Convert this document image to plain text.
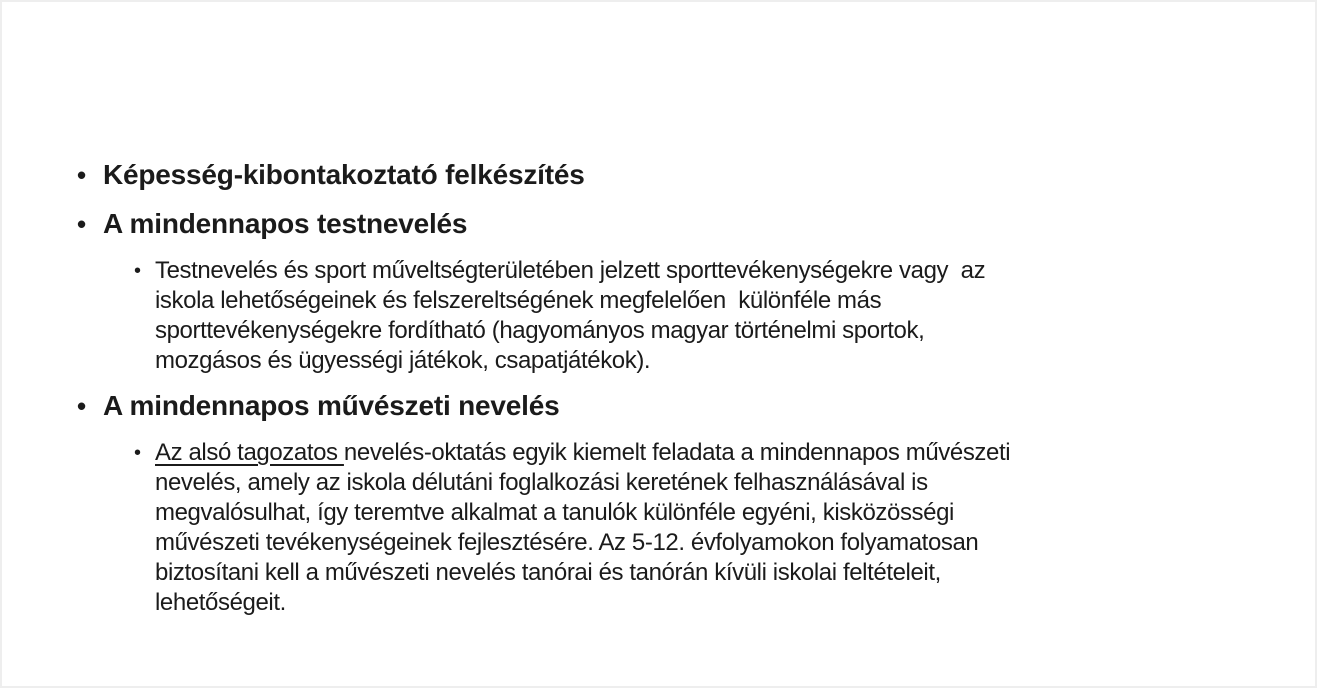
• Képesség-kibontakoztató felkészítés
• A mindennapos testnevelés
• Testnevelés és sport műveltségterületében jelzett sporttevékenységekre vagy  az
iskola lehetőségeinek és felszereltségének megfelelően  különféle más
sporttevékenységekre fordítható (hagyományos magyar történelmi sportok,
mozgásos és ügyességi játékok, csapatjátékok).
• A mindennapos művészeti nevelés
• Az alsó tagozatos nevelés-oktatás egyik kiemelt feladata a mindennapos művészeti
nevelés, amely az iskola délutáni foglalkozási keretének felhasználásával is
megvalósulhat, így teremtve alkalmat a tanulók különféle egyéni, kisközösségi
művészeti tevékenységeinek fejlesztésére. Az 5-12. évfolyamokon folyamatosan
biztosítani kell a művészeti nevelés tanórai és tanórán kívüli iskolai feltételeit,
lehetőségeit.
